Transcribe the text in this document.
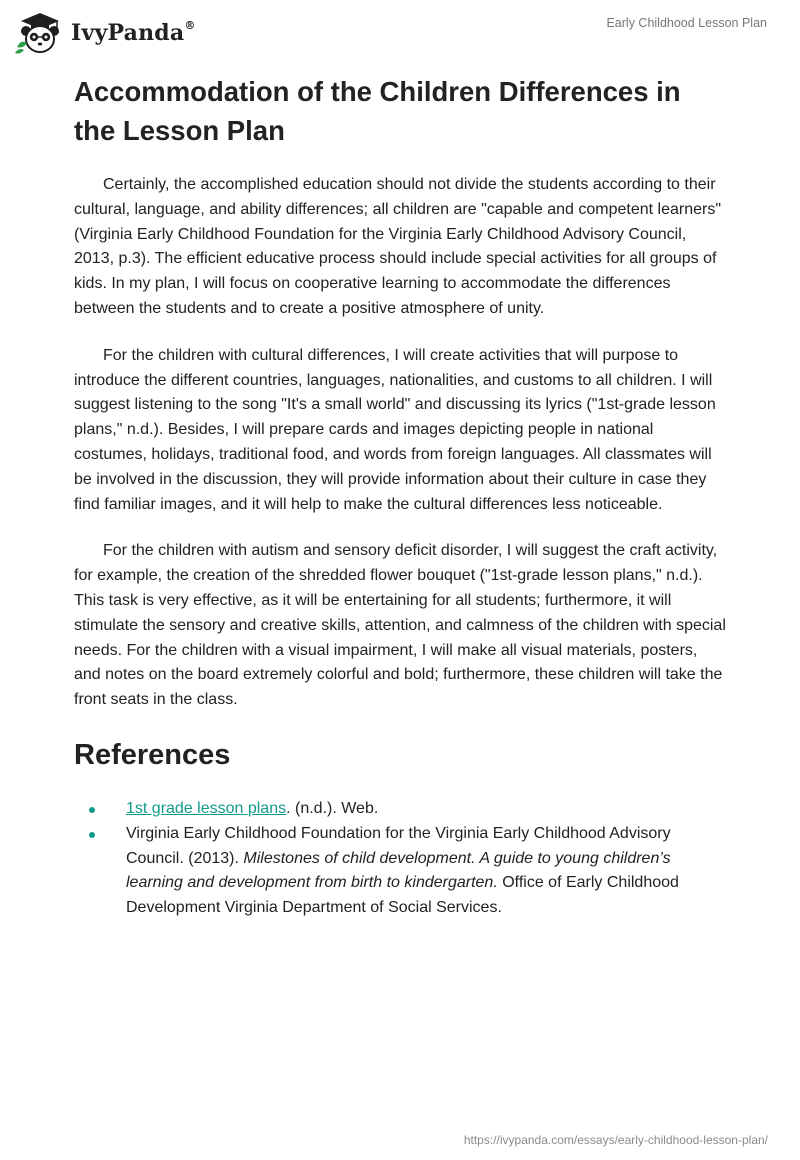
IvyPanda®	Early Childhood Lesson Plan
Accommodation of the Children Differences in the Lesson Plan

Certainly, the accomplished education should not divide the students according to their cultural, language, and ability differences; all children are "capable and competent learners" (Virginia Early Childhood Foundation for the Virginia Early Childhood Advisory Council, 2013, p.3). The efficient educative process should include special activities for all groups of kids. In my plan, I will focus on cooperative learning to accommodate the differences between the students and to create a positive atmosphere of unity.

For the children with cultural differences, I will create activities that will purpose to introduce the different countries, languages, nationalities, and customs to all children. I will suggest listening to the song "It's a small world" and discussing its lyrics ("1st-grade lesson plans," n.d.). Besides, I will prepare cards and images depicting people in national costumes, holidays, traditional food, and words from foreign languages. All classmates will be involved in the discussion, they will provide information about their culture in case they find familiar images, and it will help to make the cultural differences less noticeable.

For the children with autism and sensory deficit disorder, I will suggest the craft activity, for example, the creation of the shredded flower bouquet ("1st-grade lesson plans," n.d.). This task is very effective, as it will be entertaining for all students; furthermore, it will stimulate the sensory and creative skills, attention, and calmness of the children with special needs. For the children with a visual impairment, I will make all visual materials, posters, and notes on the board extremely colorful and bold; furthermore, these children will take the front seats in the class.

References
1st grade lesson plans. (n.d.). Web.
Virginia Early Childhood Foundation for the Virginia Early Childhood Advisory Council. (2013). Milestones of child development. A guide to young children’s learning and development from birth to kindergarten. Office of Early Childhood Development Virginia Department of Social Services.
https://ivypanda.com/essays/early-childhood-lesson-plan/
